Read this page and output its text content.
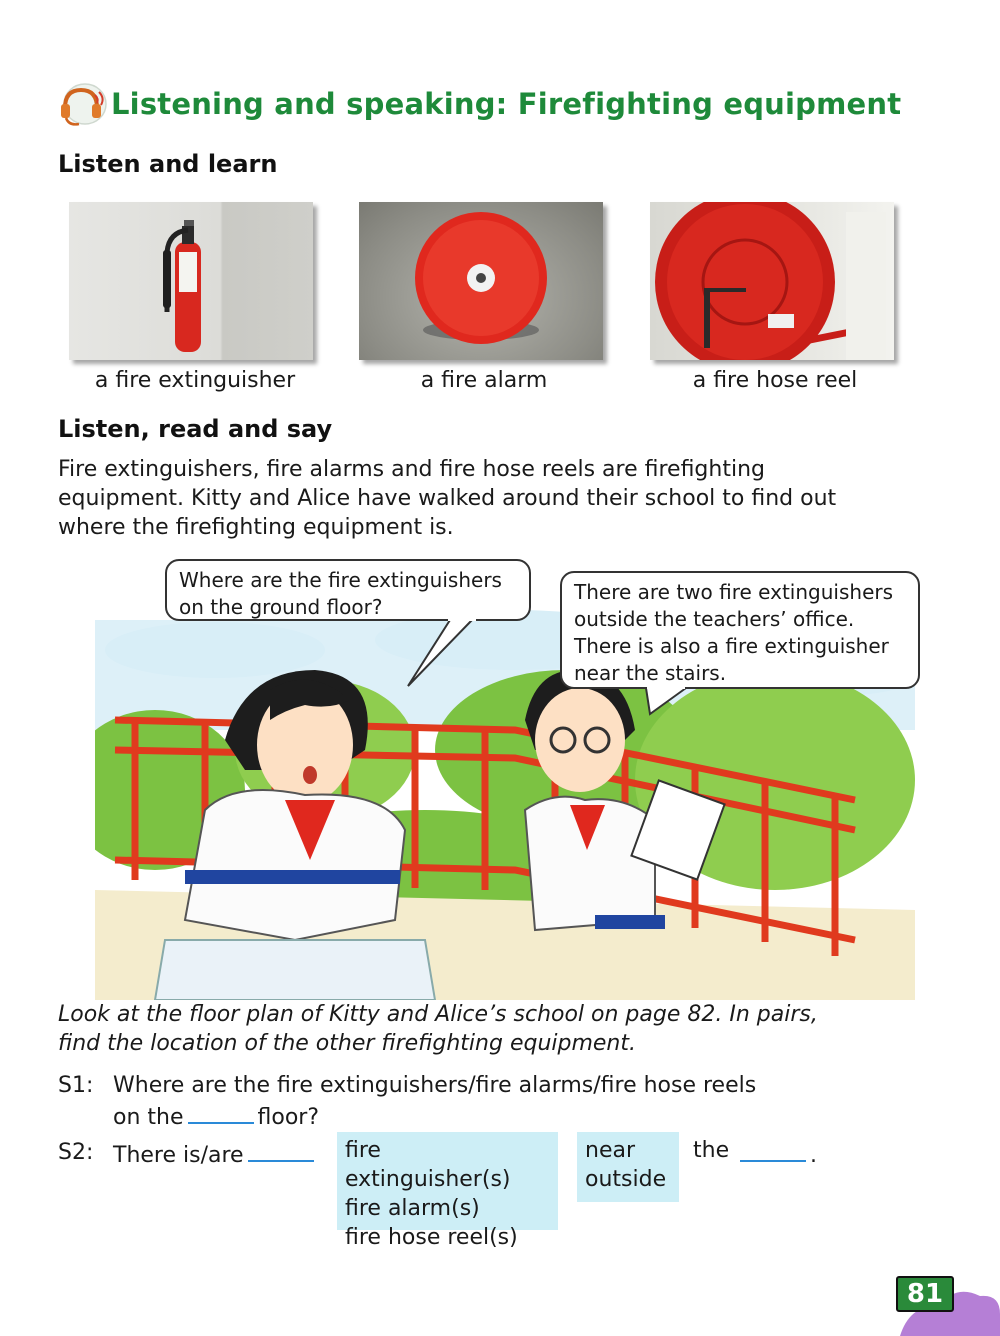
Listening and speaking: Firefighting equipment
Listen and learn
a fire extinguisher	a fire alarm	a fire hose reel
Listen, read and say
Fire extinguishers, fire alarms and fire hose reels are firefighting
equipment. Kitty and Alice have walked around their school to find out
where the firefighting equipment is.
Where are the fire extinguishers
on the ground floor?
There are two fire extinguishers
outside the teachers’ office.
There is also a fire extinguisher
near the stairs.
Look at the floor plan of Kitty and Alice’s school on page 82. In pairs,
find the location of the other firefighting equipment.
S1: Where are the fire extinguishers/fire alarms/fire hose reels
on the	floor?
S2: There is/are	fire extinguisher(s)
fire alarm(s)
fire hose reel(s)
near
outside
the	.
81
